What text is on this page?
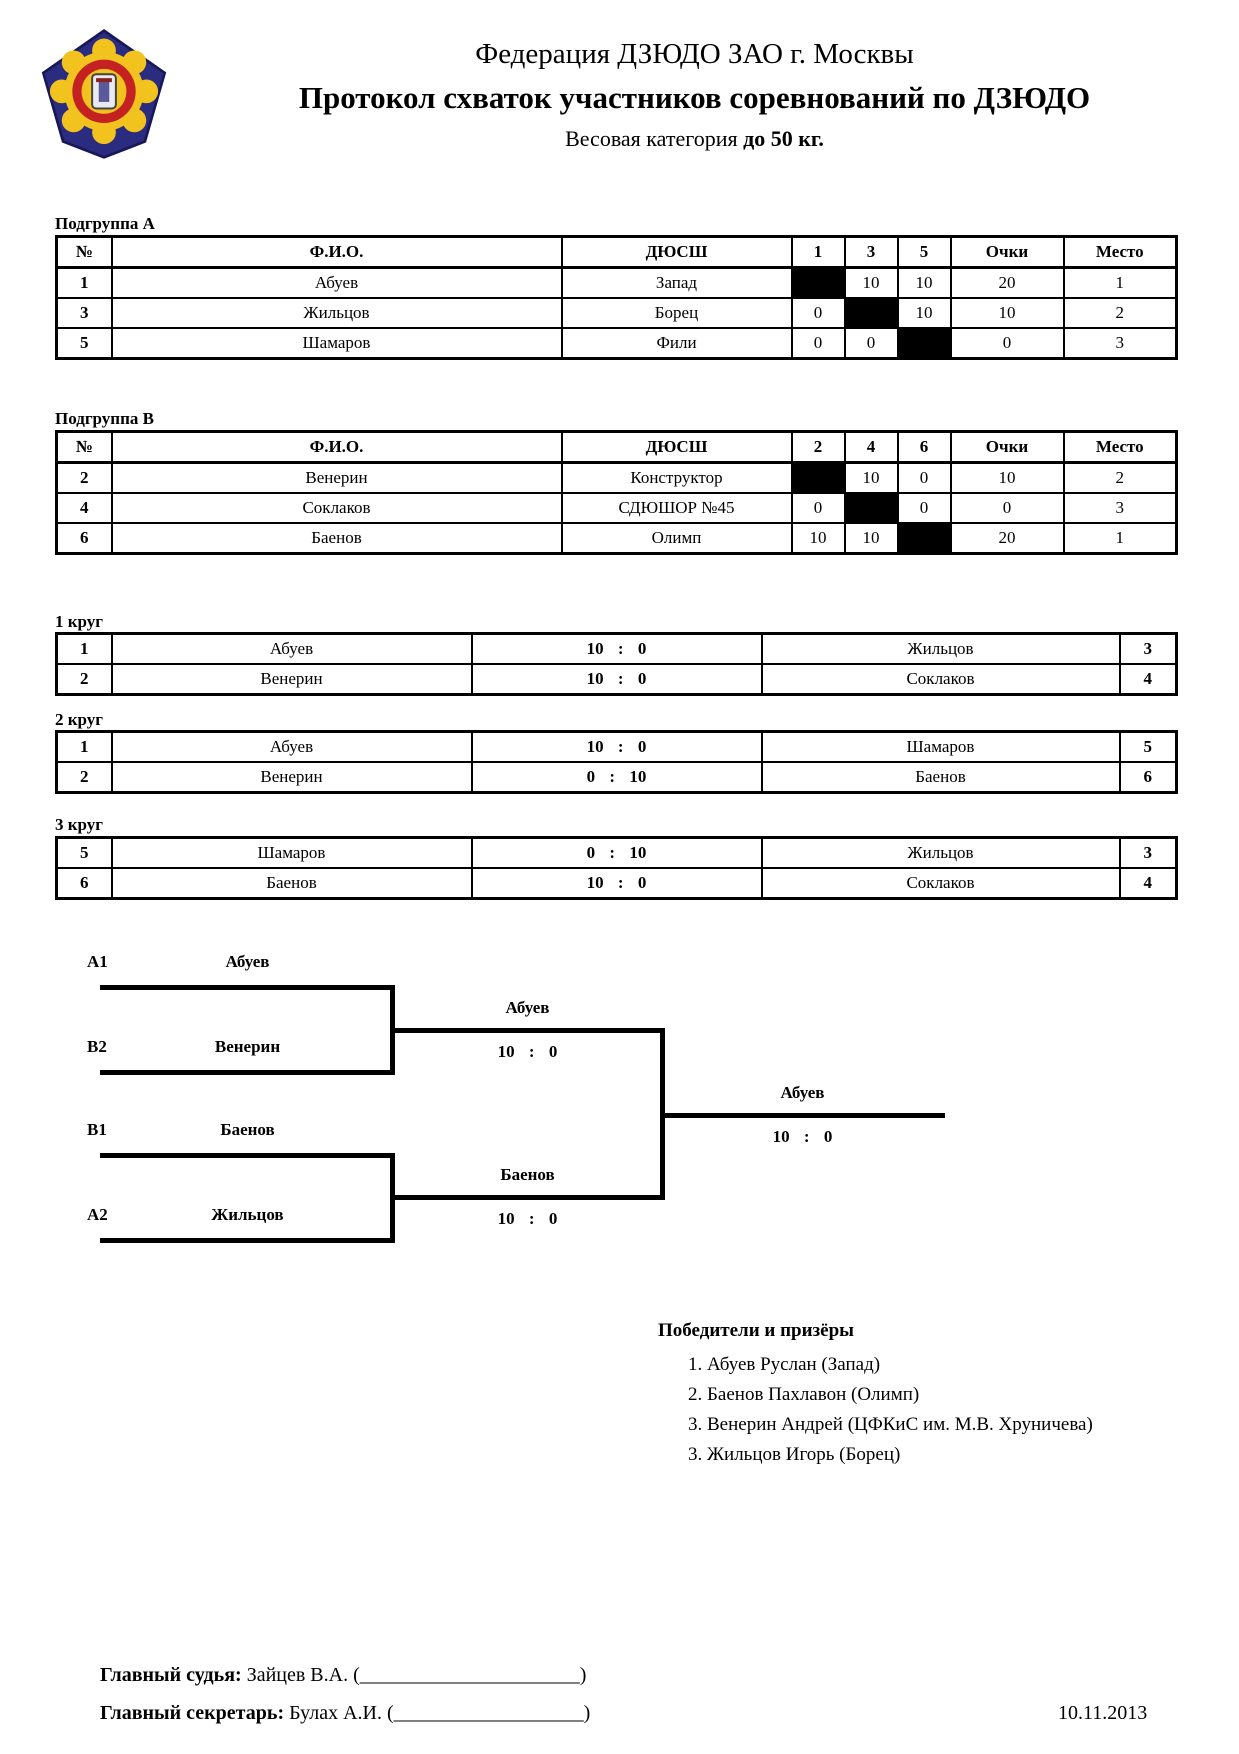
Федерация ДЗЮДО ЗАО г. Москвы
Протокол схваток участников соревнований по ДЗЮДО
Весовая категория до 50 кг.
Подгруппа А
№	Ф.И.О.	ДЮСШ	1	3	5	Очки	Место
1	Абуев	Запад		10	10	20	1
3	Жильцов	Борец	0		10	10	2
5	Шамаров	Фили	0	0		0	3
Подгруппа В
№	Ф.И.О.	ДЮСШ	2	4	6	Очки	Место
2	Венерин	Конструктор		10	0	10	2
4	Соклаков	СДЮШОР №45	0		0	0	3
6	Баенов	Олимп	10	10		20	1
1 круг
1	Абуев	10 : 0	Жильцов	3
2	Венерин	10 : 0	Соклаков	4
2 круг
1	Абуев	10 : 0	Шамаров	5
2	Венерин	0 : 10	Баенов	6
3 круг
5	Шамаров	0 : 10	Жильцов	3
6	Баенов	10 : 0	Соклаков	4
A1	Абуев
B2	Венерин
Абуев
10 : 0
B1	Баенов
A2	Жильцов
Баенов
10 : 0
Абуев
10 : 0
Победители и призёры
1. Абуев Руслан (Запад)
2. Баенов Пахлавон (Олимп)
3. Венерин Андрей (ЦФКиС им. М.В. Хруничева)
3. Жильцов Игорь (Борец)
Главный судья: Зайцев В.А. (______________________)
Главный секретарь: Булах А.И. (___________________)	10.11.2013
